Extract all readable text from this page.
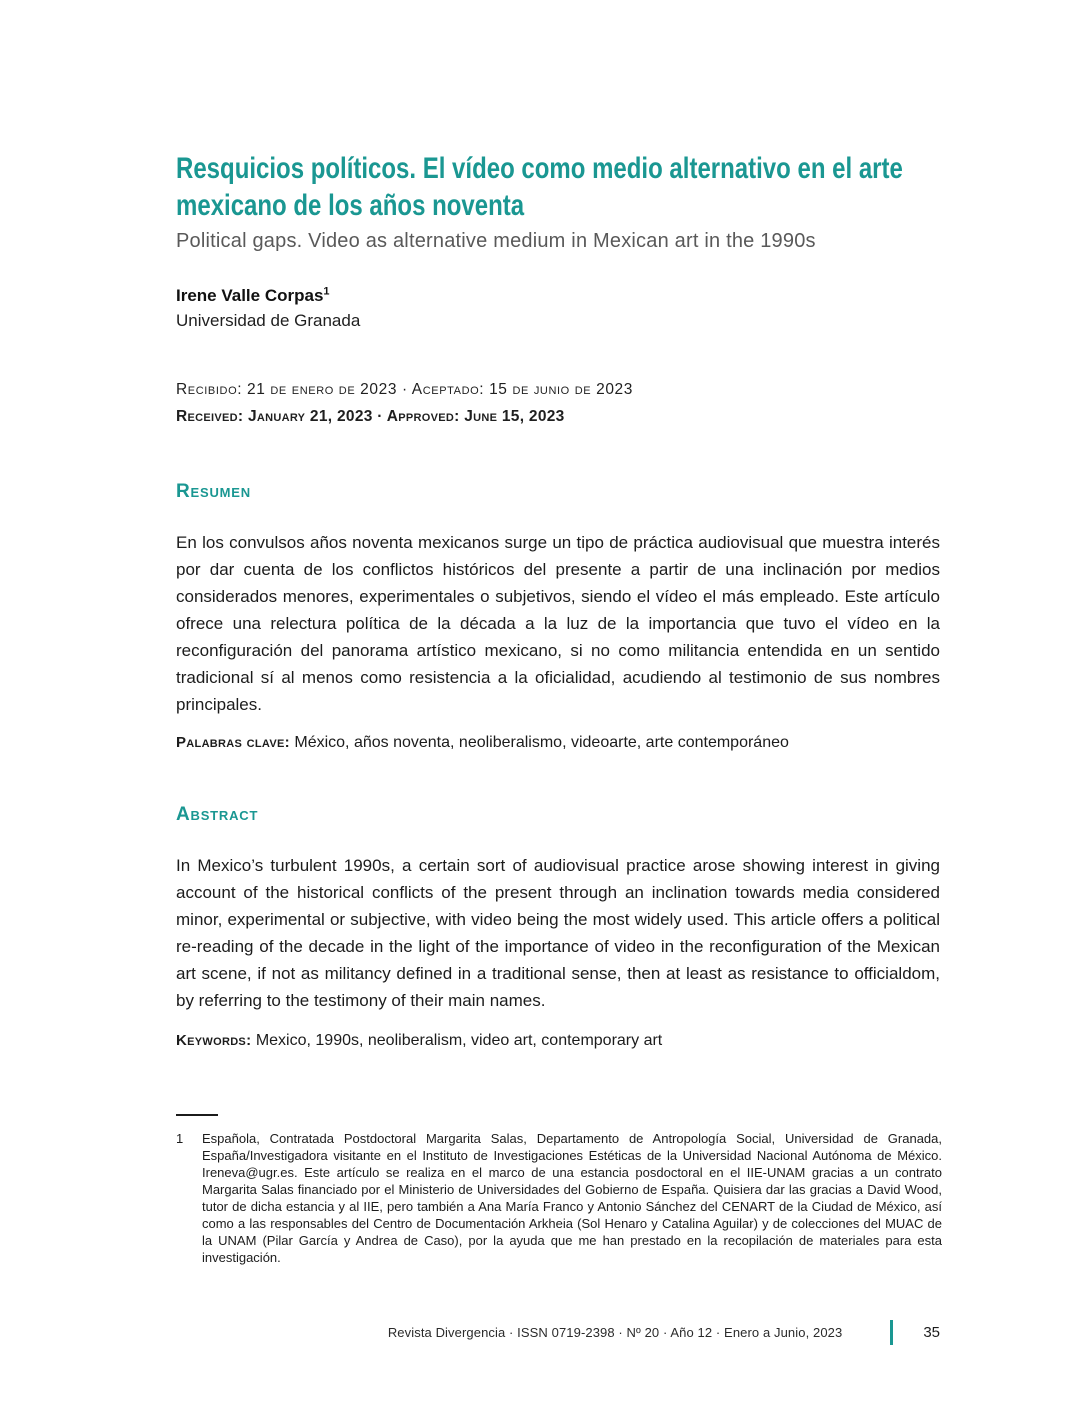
Resquicios políticos. El vídeo como medio alternativo en el arte mexicano de los años noventa
Political gaps. Video as alternative medium in Mexican art in the 1990s
Irene Valle Corpas$^1$
Universidad de Granada
Recibido: 21 de enero de 2023 · Aceptado: 15 de junio de 2023
Received: January 21, 2023 · Approved: June 15, 2023
Resumen

En los convulsos años noventa mexicanos surge un tipo de práctica audiovisual que muestra interés por dar cuenta de los conflictos históricos del presente a partir de una inclinación por medios considerados menores, experimentales o subjetivos, siendo el vídeo el más empleado. Este artículo ofrece una relectura política de la década a la luz de la importancia que tuvo el vídeo en la reconfiguración del panorama artístico mexicano, si no como militancia entendida en un sentido tradicional sí al menos como resistencia a la oficialidad, acudiendo al testimonio de sus nombres principales.

Palabras clave: México, años noventa, neoliberalismo, videoarte, arte contemporáneo

Abstract

In Mexico’s turbulent 1990s, a certain sort of audiovisual practice arose showing interest in giving account of the historical conflicts of the present through an inclination towards media considered minor, experimental or subjective, with video being the most widely used. This article offers a political re-reading of the decade in the light of the importance of video in the reconfiguration of the Mexican art scene, if not as militancy defined in a traditional sense, then at least as resistance to officialdom, by referring to the testimony of their main names.

Keywords: Mexico, 1990s, neoliberalism, video art, contemporary art

1	Española, Contratada Postdoctoral Margarita Salas, Departamento de Antropología Social, Universidad de Granada, España/Investigadora visitante en el Instituto de Investigaciones Estéticas de la Universidad Nacional Autónoma de México. Ireneva@ugr.es. Este artículo se realiza en el marco de una estancia posdoctoral en el IIE-UNAM gracias a un contrato Margarita Salas financiado por el Ministerio de Universidades del Gobierno de España. Quisiera dar las gracias a David Wood, tutor de dicha estancia y al IIE, pero también a Ana María Franco y Antonio Sánchez del CENART de la Ciudad de México, así como a las responsables del Centro de Documentación Arkheia (Sol Henaro y Catalina Aguilar) y de colecciones del MUAC de la UNAM (Pilar García y Andrea de Caso), por la ayuda que me han prestado en la recopilación de materiales para esta investigación.
Revista Divergencia · ISSN 0719-2398 · Nº 20 · Año 12 · Enero a Junio, 2023	35
